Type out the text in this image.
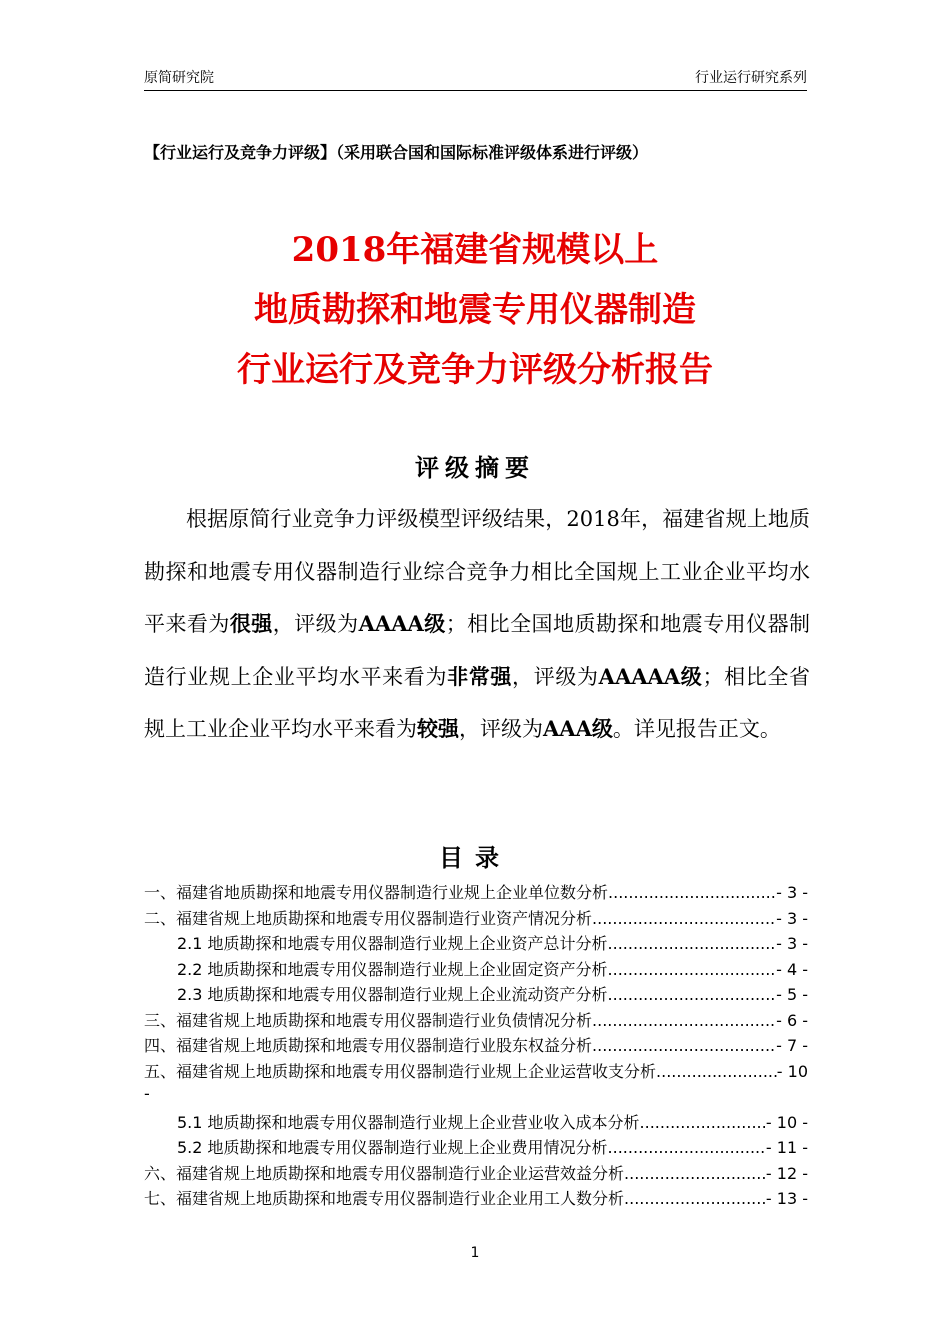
原简研究院	行业运行研究系列
【行业运行及竞争力评级】（采用联合国和国际标准评级体系进行评级）
2018年福建省规模以上
地质勘探和地震专用仪器制造
行业运行及竞争力评级分析报告
评级摘要
根据原简行业竞争力评级模型评级结果，2018年，福建省规上地质勘探和地震专用仪器制造行业综合竞争力相比全国规上工业企业平均水平来看为很强，评级为AAAA级；相比全国地质勘探和地震专用仪器制造行业规上企业平均水平来看为非常强，评级为AAAAA级；相比全省规上工业企业平均水平来看为较强，评级为AAA级。详见报告正文。
目录
一、福建省地质勘探和地震专用仪器制造行业规上企业单位数分析 .....	- 3 -
二、福建省规上地质勘探和地震专用仪器制造行业资产情况分析 .....	- 3 -
2.1 地质勘探和地震专用仪器制造行业规上企业资产总计分析 .....	- 3 -
2.2 地质勘探和地震专用仪器制造行业规上企业固定资产分析 .....	- 4 -
2.3 地质勘探和地震专用仪器制造行业规上企业流动资产分析 .....	- 5 -
三、福建省规上地质勘探和地震专用仪器制造行业负债情况分析 .....	- 6 -
四、福建省规上地质勘探和地震专用仪器制造行业股东权益分析 .....	- 7 -
五、福建省规上地质勘探和地震专用仪器制造行业规上企业运营收支分析 .....	- 10
-
5.1 地质勘探和地震专用仪器制造行业规上企业营业收入成本分析 .....	- 10 -
5.2 地质勘探和地震专用仪器制造行业规上企业费用情况分析 .....	- 11 -
六、福建省规上地质勘探和地震专用仪器制造行业企业运营效益分析 .....	- 12 -
七、福建省规上地质勘探和地震专用仪器制造行业企业用工人数分析 .....	- 13 -
1
